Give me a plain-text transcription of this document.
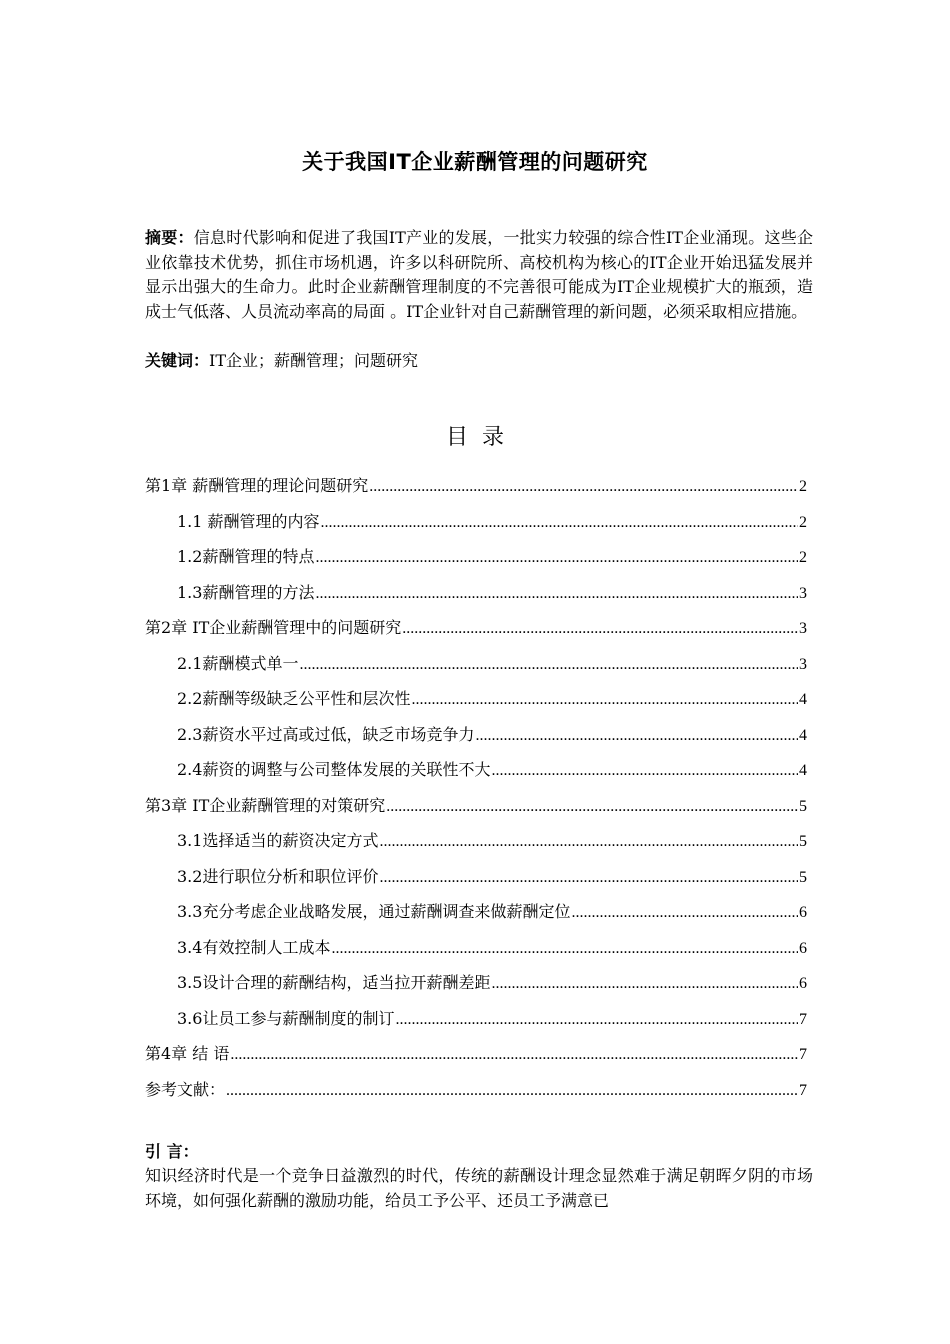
关于我国IT企业薪酬管理的问题研究
摘要：信息时代影响和促进了我国IT产业的发展，一批实力较强的综合性IT企业涌现。这些企业依靠技术优势，抓住市场机遇，许多以科研院所、高校机构为核心的IT企业开始迅猛发展并显示出强大的生命力。此时企业薪酬管理制度的不完善很可能成为IT企业规模扩大的瓶颈，造成士气低落、人员流动率高的局面 。IT企业针对自己薪酬管理的新问题，必须采取相应措施。
关键词：IT企业；薪酬管理；问题研究
目录
第1章 薪酬管理的理论问题研究 .....	2
1.1 薪酬管理的内容 .....	2
1.2薪酬管理的特点 .....	2
1.3薪酬管理的方法 .....	3
第2章 IT企业薪酬管理中的问题研究 .....	3
2.1薪酬模式单一 .....	3
2.2薪酬等级缺乏公平性和层次性 .....	4
2.3薪资水平过高或过低，缺乏市场竞争力 .....	4
2.4薪资的调整与公司整体发展的关联性不大 .....	4
第3章 IT企业薪酬管理的对策研究 .....	5
3.1选择适当的薪资决定方式 .....	5
3.2进行职位分析和职位评价 .....	5
3.3充分考虑企业战略发展，通过薪酬调查来做薪酬定位 .....	6
3.4有效控制人工成本 .....	6
3.5设计合理的薪酬结构，适当拉开薪酬差距 .....	6
3.6让员工参与薪酬制度的制订 .....	7
第4章 结 语 .....	7
参考文献： .....	7
引 言：
知识经济时代是一个竞争日益激烈的时代，传统的薪酬设计理念显然难于满足朝晖夕阴的市场环境，如何强化薪酬的激励功能，给员工予公平、还员工予满意已
